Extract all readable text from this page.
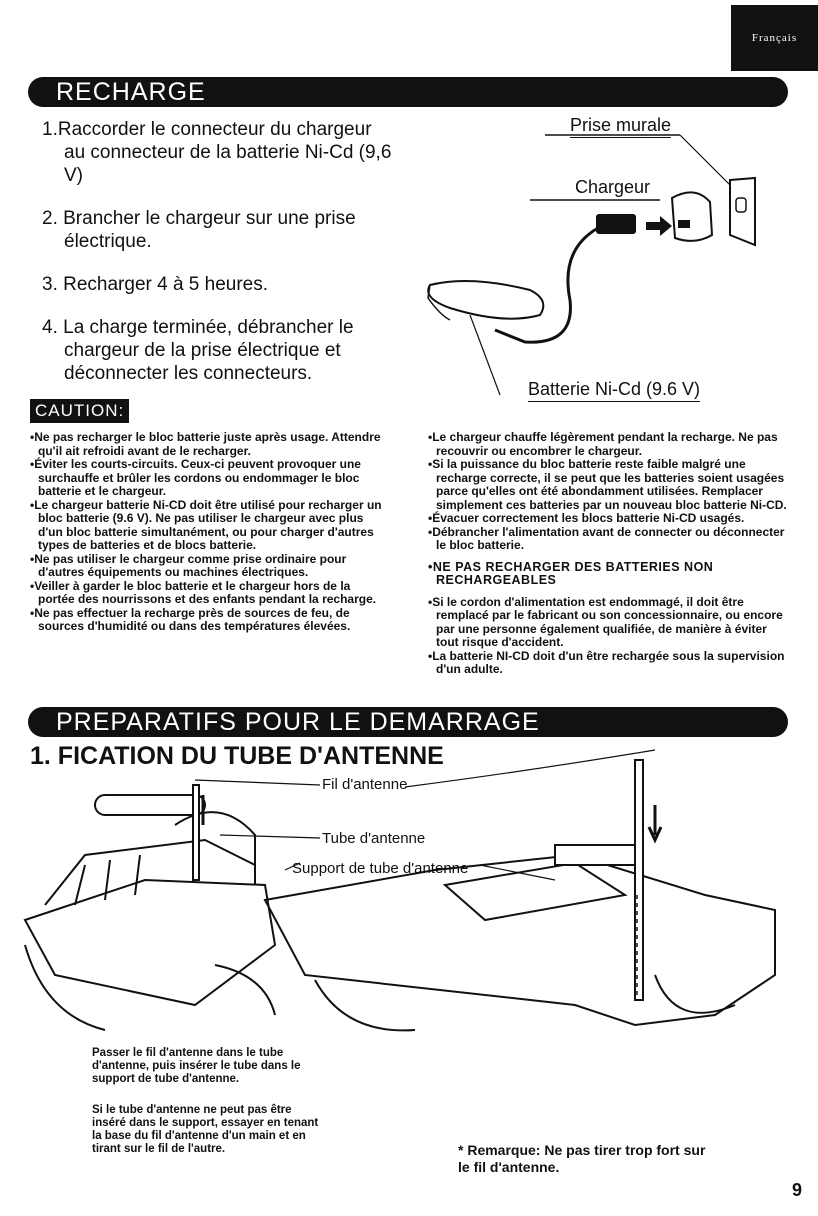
Français
RECHARGE

1.Raccorder le connecteur du chargeur au connecteur de la batterie Ni-Cd (9,6 V)

2. Brancher le chargeur sur une prise électrique.

3. Recharger 4 à 5 heures.

4. La charge terminée, débrancher le chargeur de la prise électrique et déconnecter les connecteurs.

Prise murale
Chargeur
Batterie Ni-Cd (9.6 V)
CAUTION:

•Ne pas recharger le bloc batterie juste après usage. Attendre qu'il ait refroidi avant de le recharger.

•Éviter les courts-circuits. Ceux-ci peuvent provoquer une surchauffe et brûler les cordons ou endommager le bloc batterie et le chargeur.

•Le chargeur batterie Ni-CD doit être utilisé pour recharger un bloc batterie (9.6 V). Ne pas utiliser le chargeur avec plus d'un bloc batterie simultanément, ou pour charger d'autres types de batteries et de blocs batterie.

•Ne pas utiliser le chargeur comme prise ordinaire pour d'autres équipements ou machines électriques.

•Veiller à garder le bloc batterie et le chargeur hors de la portée des nourrissons et des enfants pendant la recharge.

•Ne pas effectuer la recharge près de sources de feu, de sources d'humidité ou dans des températures élevées.

•Le chargeur chauffe légèrement pendant la recharge. Ne pas recouvrir ou encombrer le chargeur.

•Si la puissance du bloc batterie reste faible malgré une recharge correcte, il se peut que les batteries soient usagées parce qu'elles ont été abondamment utilisées. Remplacer simplement ces batteries par un nouveau bloc batterie Ni-CD.

•Évacuer correctement les blocs batterie Ni-CD usagés.

•Débrancher l'alimentation avant de connecter ou déconnecter le bloc batterie.

•NE PAS RECHARGER DES BATTERIES NON RECHARGEABLES

•Si le cordon d'alimentation est endommagé, il doit être remplacé par le fabricant ou son concessionnaire, ou encore par une personne également qualifiée, de manière à éviter tout risque d'accident.

•La batterie NI-CD doit d'un être rechargée sous la supervision d'un adulte.

PREPARATIFS POUR LE DEMARRAGE
1. FICATION DU TUBE D'ANTENNE
Fil d'antenne
Tube d'antenne
Support de tube d'antenne
Passer le fil d'antenne dans le tube d'antenne, puis insérer le tube dans le support de tube d'antenne.
Si le tube d'antenne ne peut pas être inséré dans le support, essayer en tenant la base du fil d'antenne d'un main et en tirant sur le fil de l'autre.	* Remarque: Ne pas tirer trop fort sur le fil d'antenne.
9
